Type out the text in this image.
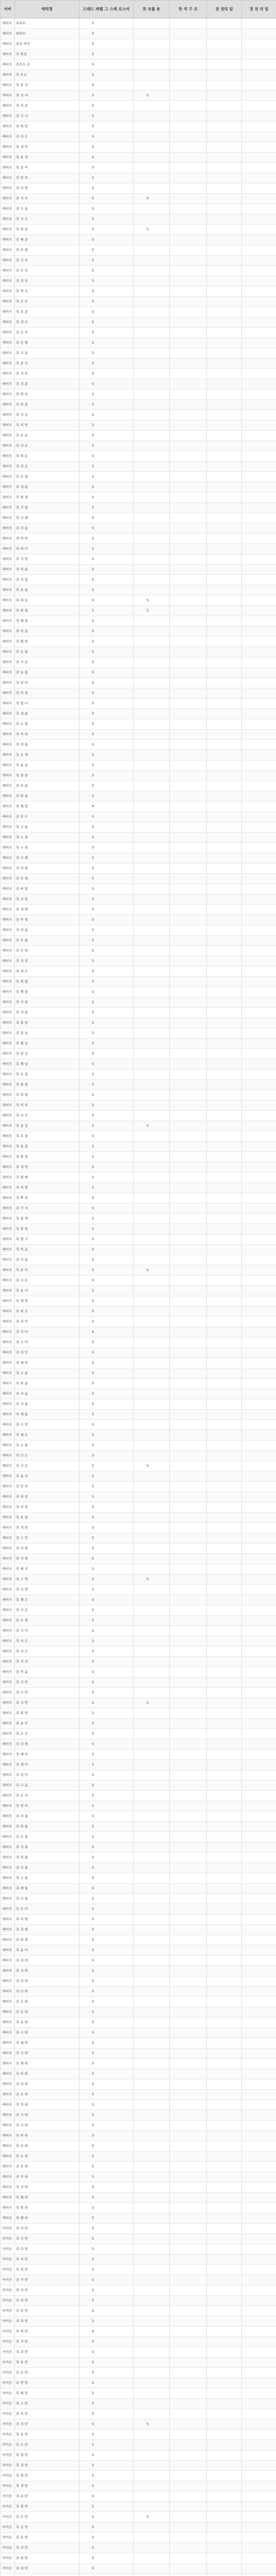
서버	캐릭명	드래드 레벨 그 스테 로스터	뜻 보물 운	뜻 석 구 조	전 성의 일	정 전 의 일
캐비지	흑포투	5				
캐비지	희아트	5				
캐비지	흑오 박선	5				
캐비지	흑 원선	5				
캐비지	흑오스 르	5				
캐비지	흑 트르	5				
캐비지	흑 문 석	4				
캐비지	흑 카 샤	5	5			
캐비지	흑 이 준	5				
캐비지	흑 신 나	5				
캐비지	흑 하 민	5				
캐비지	흑 다 은	5				
캐비지	흑 세 린	5				
캐비지	흑 유 진	4				
캐비지	흑 준 서	5				
캐비지	흑 민 호	5				
캐비지	흑 서 연	5				
캐비지	흑 지 우	5	5			
캐비지	흑 도 윤	5				
캐비지	흑 시 우	5				
캐비지	흑 하 준	5	5			
캐비지	흑 예 준	5				
캐비지	흑 주 원	5				
캐비지	흑 건 우	5				
캐비지	흑 우 진	5				
캐비지	흑 선 우	5				
캐비지	흑 연 우	5				
캐비지	흑 은 우	5				
캐비지	흑 유 준	5				
캐비지	흑 정 우	5				
캐비지	흑 승 우	5				
캐비지	흑 승 현	5				
캐비지	흑 시 윤	5				
캐비지	흑 준 우	5				
캐비지	흑 지 호	5				
캐비지	흑 지 훈	5				
캐비지	흑 현 우	5				
캐비지	흑 민 준	5				
캐비지	흑 서 준	5				
캐비지	흑 이 안	5				
캐비지	흑 로 운	5				
캐비지	흑 다 온	5				
캐비지	흑 하 온	5				
캐비지	흑 라 온	5				
캐비지	흑 보 람	2				
캐비지	흑 새 봄	5				
캐비지	흑 한 결	5				
캐비지	흑 가 람	5				
캐비지	흑 나 래	5				
캐비지	흑 다 솜	5				
캐비지	흑 마 루	5				
캐비지	흑 바 다	5				
캐비지	흑 사 랑	5				
캐비지	흑 아 름	5				
캐비지	흑 자 람	5				
캐비지	흑 초 롱	5				
캐비지	흑 하 늘	5	5			
캐비지	흑 한 빛	5	5			
캐비지	흑 해 솔	5				
캐비지	흑 이 슬	5				
캐비지	흑 별 하	5				
캐비지	흑 은 솔	5				
캐비지	흑 가 온	5				
캐비지	흑 늘 봄	5				
캐비지	흑 단 비	5				
캐비지	흑 미 리	5				
캐비지	흑 빛 나	5				
캐비지	흑 새 론	5				
캐비지	흑 소 담	5				
캐비지	흑 아 라	5				
캐비지	흑 여 울	5				
캐비지	흑 온 새	5				
캐비지	흑 윤 슬	5				
캐비지	흑 찬 솔	5				
캐비지	흑 푸 름	5				
캐비지	흑 한 울	5				
캐비지	흑 해 랑	4				
캐비지	흑 호 수	5				
캐비지	흑 구 름	5				
캐비지	흑 노 을	5				
캐비지	흑 누 리	5				
캐비지	흑 다 래	5				
캐비지	흑 라 희	5				
캐비지	흑 모 래	5				
캐비지	흑 바 람	5				
캐비지	흑 산 들	5				
캐비지	흑 새 벽	5				
캐비지	흑 아 침	5				
캐비지	흑 여 름	5				
캐비지	흑 오 름	5				
캐비지	흑 은 하	5				
캐비지	흑 저 녁	5				
캐비지	흑 파 도	5				
캐비지	흑 하 람	5				
캐비지	흑 햇 살	5				
캐비지	흑 가 을	5				
캐비지	흑 겨 울	5				
캐비지	흑 봄 날	5				
캐비지	흑 꽃 님	5				
캐비지	흑 별 님	5				
캐비지	흑 달 님	5				
캐비지	흑 해 님	5				
캐비지	흑 눈 꽃	5				
캐비지	흑 물 결	5				
캐비지	흑 바 위	5				
캐비지	흑 이 끼	5				
캐비지	흑 나 무	5				
캐비지	흑 숲 길	5	5			
캐비지	흑 오 솔	5				
캐비지	흑 들 꽃	5				
캐비지	흑 풀 잎	5				
캐비지	흑 새 싹	5				
캐비지	흑 열 매	5				
캐비지	흑 씨 앗	5				
캐비지	흑 뿌 리	5				
캐비지	흑 가 지	5				
캐비지	흑 잎 새	5				
캐비지	흑 꽃 잎	5				
캐비지	흑 향 기	5				
캐비지	흑 이 음	5				
캐비지	흑 다 움	5				
캐비지	흑 보 미	5	5			
캐비지	흑 시 온	5				
캐비지	흑 유 나	5				
캐비지	흑 채 원	5				
캐비지	흑 하 은	5				
캐비지	흑 서 아	5				
캐비지	흑 지 아	4				
캐비지	흑 수 아	5				
캐비지	흑 다 인	5				
캐비지	흑 예 린	5				
캐비지	흑 소 윤	5				
캐비지	흑 하 윤	5				
캐비지	흑 서 윤	5				
캐비지	흑 지 윤	5				
캐비지	흑 채 윤	5				
캐비지	흑 수 빈	5				
캐비지	흑 예 은	5				
캐비지	흑 소 율	5				
캐비지	흑 다 은	5				
캐비지	흑 시 은	5	5			
캐비지	흑 윤 서	5				
캐비지	흑 민 서	5				
캐비지	흑 하 린	5				
캐비지	흑 아 린	5				
캐비지	흑 유 림	5				
캐비지	흑 지 민	5				
캐비지	흑 수 민	5				
캐비지	흑 서 현	5				
캐비지	흑 지 현	5				
캐비지	흑 예 지	2				
캐비지	흑 수 연	5	5			
캐비지	흑 나 연	5				
캐비지	흑 채 은	5				
캐비지	흑 가 은	5				
캐비지	흑 도 연	5				
캐비지	흑 시 아	5				
캐비지	흑 서 은	5				
캐비지	흑 나 은	2				
캐비지	흑 이 서	5				
캐비지	흑 아 윤	5				
캐비지	흑 지 안	5				
캐비지	흑 수 안	5				
캐비지	흑 시 연	5	5			
캐비지	흑 하 연	5				
캐비지	흑 유 주	5				
캐비지	흑 소 은	5				
캐비지	흑 다 현	5				
캐비지	흑 예 서	5				
캐비지	흑 채 아	5				
캐비지	흑 리 아	5				
캐비지	흑 나 윤	5				
캐비지	흑 은 서	5				
캐비지	흑 연 서	5				
캐비지	흑 서 율	5				
캐비지	흑 하 율	5				
캐비지	흑 은 율	5				
캐비지	흑 지 율	5				
캐비지	흑 아 율	5				
캐비지	흑 다 율	5				
캐비지	흑 수 율	5				
캐비지	흑 예 율	5				
캐비지	흑 시 율	5				
캐비지	흑 로 아	5				
캐비지	흑 이 현	5				
캐비지	흑 라 현	5				
캐비지	흑 하 현	5				
캐비지	흑 윤 아	5				
캐비지	흑 서 하	5				
캐비지	흑 지 하	5				
캐비지	흑 이 하	5				
캐비지	흑 다 하	5				
캐비지	흑 도 하	5				
캐비지	흑 은 하	5				
캐비지	흑 유 하	5				
캐비지	흑 수 하	5				
캐비지	흑 예 하	5				
캐비지	흑 시 하	5				
캐비지	흑 채 하	5				
캐비지	흑 아 하	5				
캐비지	흑 라 하	5				
캐비지	흑 로 하	5				
캐비지	흑 연 하	5				
캐비지	흑 가 하	5				
캐비지	흑 나 하	5				
캐비지	흑 마 하	5				
캐비지	흑 보 하	5				
캐비지	흑 소 하	5				
캐비지	흑 오 하	5				
캐비지	흑 주 하	5				
캐비지	흑 진 하	5				
캐비지	흑 태 하	5				
캐비지	흑 현 하	5				
캐비지	흑 혜 하	5				
카이산	흑 아 란	5				
카이산	흑 나 란	5				
카이산	흑 다 란	5				
카이산	흑 마 란	5				
카이산	흑 바 란	5				
카이산	흑 사 란	5				
카이산	흑 자 란	5				
카이산	흑 차 란	5				
카이산	흑 타 란	5				
카이산	흑 파 란	5				
카이산	흑 하 란	4				
카이산	흑 가 란	5				
카이산	흑 라 란	5				
카이산	흑 초 란	5				
카이산	흑 은 란	5				
카이산	흑 연 란	5				
카이산	흑 혜 란	5				
카이산	흑 수 란	5				
카이산	흑 미 란	5				
카이산	흑 지 란	5	5			
카이산	흑 유 란	5				
카이산	흑 소 란	5				
카이산	흑 영 란	5				
카이산	흑 정 란	5				
카이산	흑 명 란	5				
카이산	흑 경 란	5				
카이산	흑 보 란	5				
카이산	흑 향 란	5				
카이산	흑 도 란	5	5			
카이산	흑 금 란	5				
카이산	흑 옥 란	5				
카이산	흑 진 란	5				
카이산	흑 현 란	5				
카이산	흑 희 란	5				
